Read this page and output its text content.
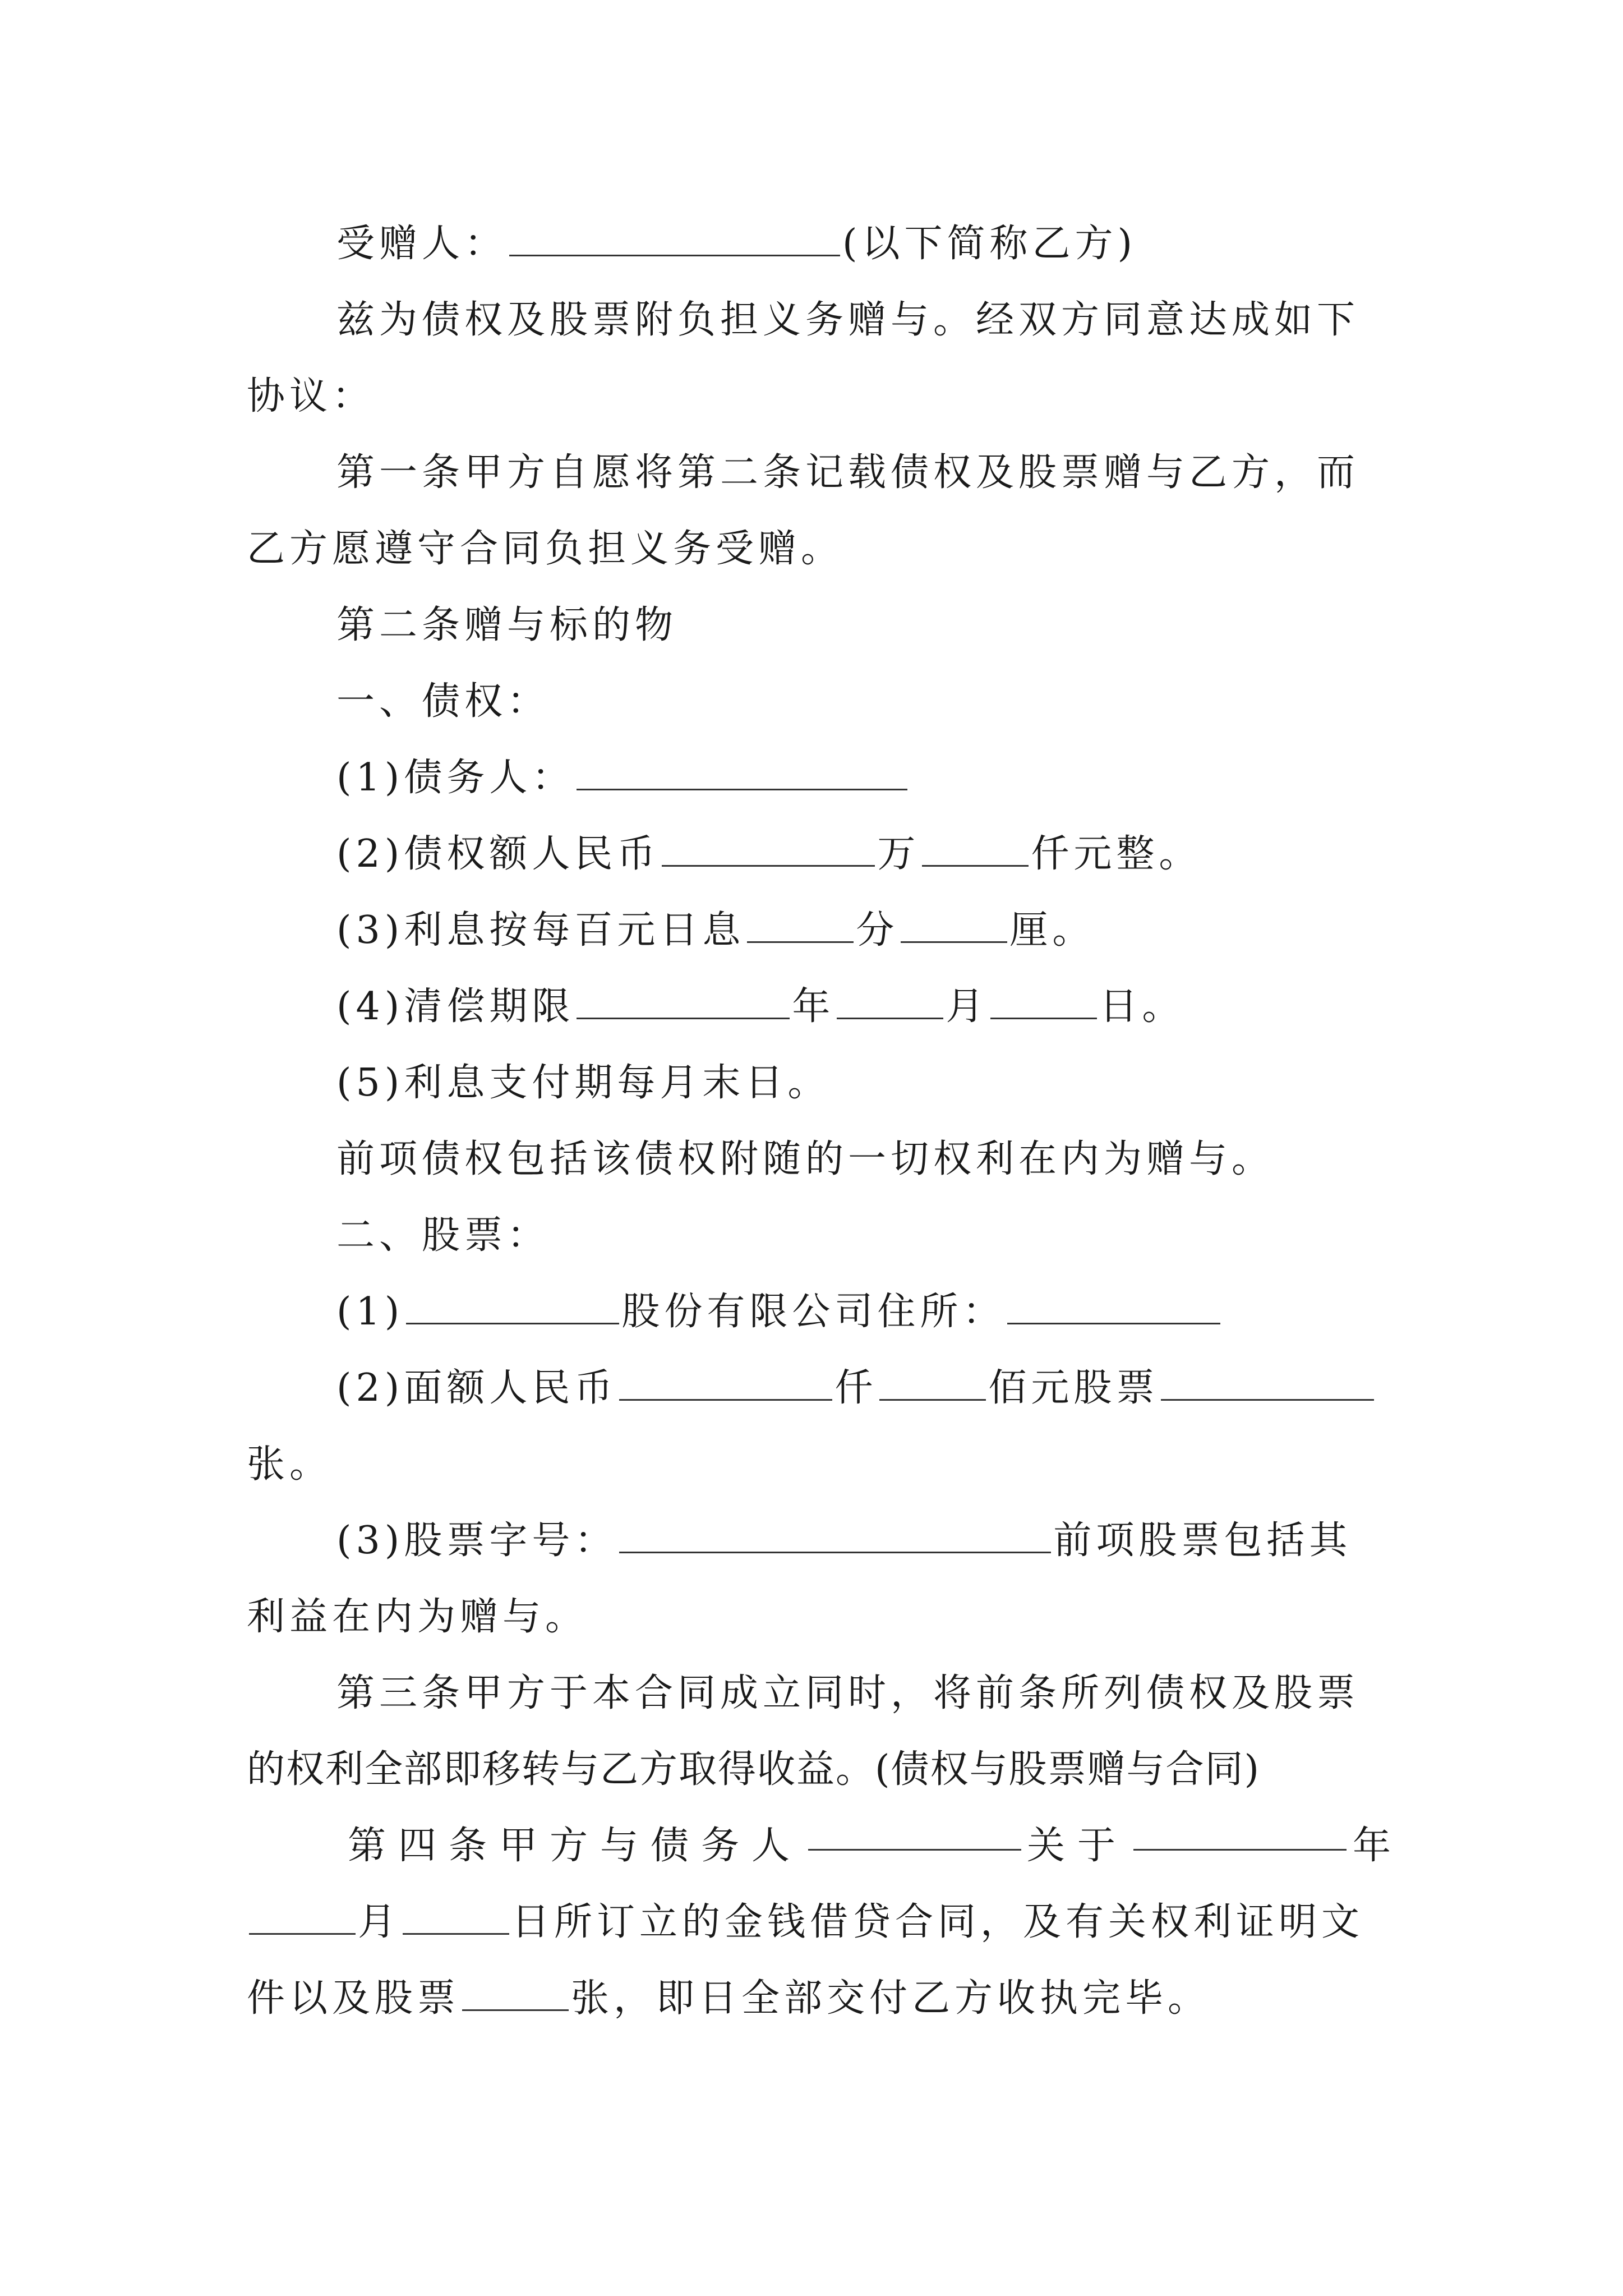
受赠人：	(以下简称乙方)
兹为债权及股票附负担义务赠与。经双方同意达成如下
协议：
第一条甲方自愿将第二条记载债权及股票赠与乙方，而
乙方愿遵守合同负担义务受赠。
第二条赠与标的物
一、债权：
(1)债务人：
(2)债权额人民币	万	仟元整。
(3)利息按每百元日息	分	厘。
(4)清偿期限	年	月	日。
(5)利息支付期每月末日。
前项债权包括该债权附随的一切权利在内为赠与。
二、股票：
(1)	股份有限公司住所：
(2)面额人民币	仟	佰元股票
张。
(3)股票字号：	前项股票包括其
利益在内为赠与。
第三条甲方于本合同成立同时，将前条所列债权及股票
的权利全部即移转与乙方取得收益。(债权与股票赠与合同)
第四条甲方与债务人	关于	年
月	日所订立的金钱借贷合同，及有关权利证明文
件以及股票	张，即日全部交付乙方收执完毕。
